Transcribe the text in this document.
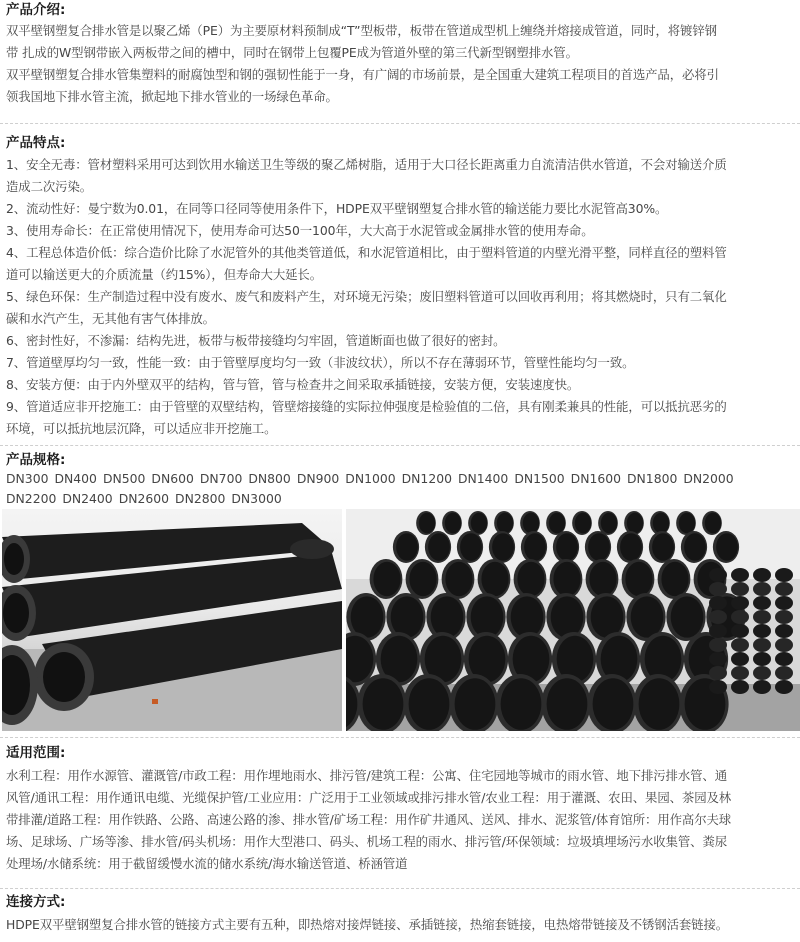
产品介绍:

双平壁钢塑复合排水管是以聚乙烯（PE）为主要原材料预制成“T”型板带，板带在管道成型机上缠绕并熔接成管道，同时，将镀锌钢

带 扎成的W型钢带嵌入两板带之间的槽中，同时在钢带上包覆PE成为管道外壁的第三代新型钢塑排水管。

双平壁钢塑复合排水管集塑料的耐腐蚀型和钢的强韧性能于一身，有广阔的市场前景，是全国重大建筑工程项目的首选产品，必将引

领我国地下排水管主流，掀起地下排水管业的一场绿色革命。

产品特点:

1、安全无毒：管材塑料采用可达到饮用水输送卫生等级的聚乙烯树脂，适用于大口径长距离重力自流清洁供水管道，不会对输送介质

造成二次污染。

2、流动性好：曼宁数为0.01，在同等口径同等使用条件下，HDPE双平壁钢塑复合排水管的输送能力要比水泥管高30%。

3、使用寿命长：在正常使用情况下，使用寿命可达50一100年，大大高于水泥管或金属排水管的使用寿命。

4、工程总体造价低：综合造价比除了水泥管外的其他类管道低，和水泥管道相比，由于塑料管道的内壁光滑平整，同样直径的塑料管

道可以输送更大的介质流量（约15%），但寿命大大延长。

5、绿色环保：生产制造过程中没有废水、废气和废料产生，对环境无污染；废旧塑料管道可以回收再利用；将其燃烧时，只有二氧化

碳和水汽产生，无其他有害气体排放。

6、密封性好，不渗漏：结构先进，板带与板带接缝均匀牢固，管道断面也做了很好的密封。

7、管道壁厚均匀一致，性能一致：由于管壁厚度均匀一致（非波纹状），所以不存在薄弱环节，管壁性能均匀一致。

8、安装方便：由于内外壁双平的结构，管与管，管与检查井之间采取承插链接，安装方便，安装速度快。

9、管道适应非开挖施工：由于管壁的双壁结构，管壁熔接缝的实际拉伸强度是检验值的二倍，具有刚柔兼具的性能，可以抵抗恶劣的

环境，可以抵抗地层沉降，可以适应非开挖施工。

产品规格:

DN300 DN400 DN500 DN600 DN700 DN800 DN900 DN1000 DN1200 DN1400 DN1500 DN1600 DN1800 DN2000
DN2200 DN2400 DN2600 DN2800 DN3000

适用范围:

水利工程：用作水源管、灌溉管/市政工程：用作埋地雨水、排污管/建筑工程：公寓、住宅园地等城市的雨水管、地下排污排水管、通

风管/通讯工程：用作通讯电缆、光缆保护管/工业应用：广泛用于工业领域或排污排水管/农业工程：用于灌溉、农田、果园、茶园及林

带排灌/道路工程：用作铁路、公路、高速公路的渗、排水管/矿场工程：用作矿井通风、送风、排水、泥浆管/体育馆所：用作高尔夫球

场、足球场、广场等渗、排水管/码头机场：用作大型港口、码头、机场工程的雨水、排污管/环保领域：垃圾填埋场污水收集管、粪尿

处理场/水储系统：用于截留缓慢水流的储水系统/海水输送管道、桥涵管道

连接方式:

HDPE双平壁钢塑复合排水管的链接方式主要有五种，即热熔对接焊链接、承插链接，热缩套链接，电热熔带链接及不锈钢活套链接。
